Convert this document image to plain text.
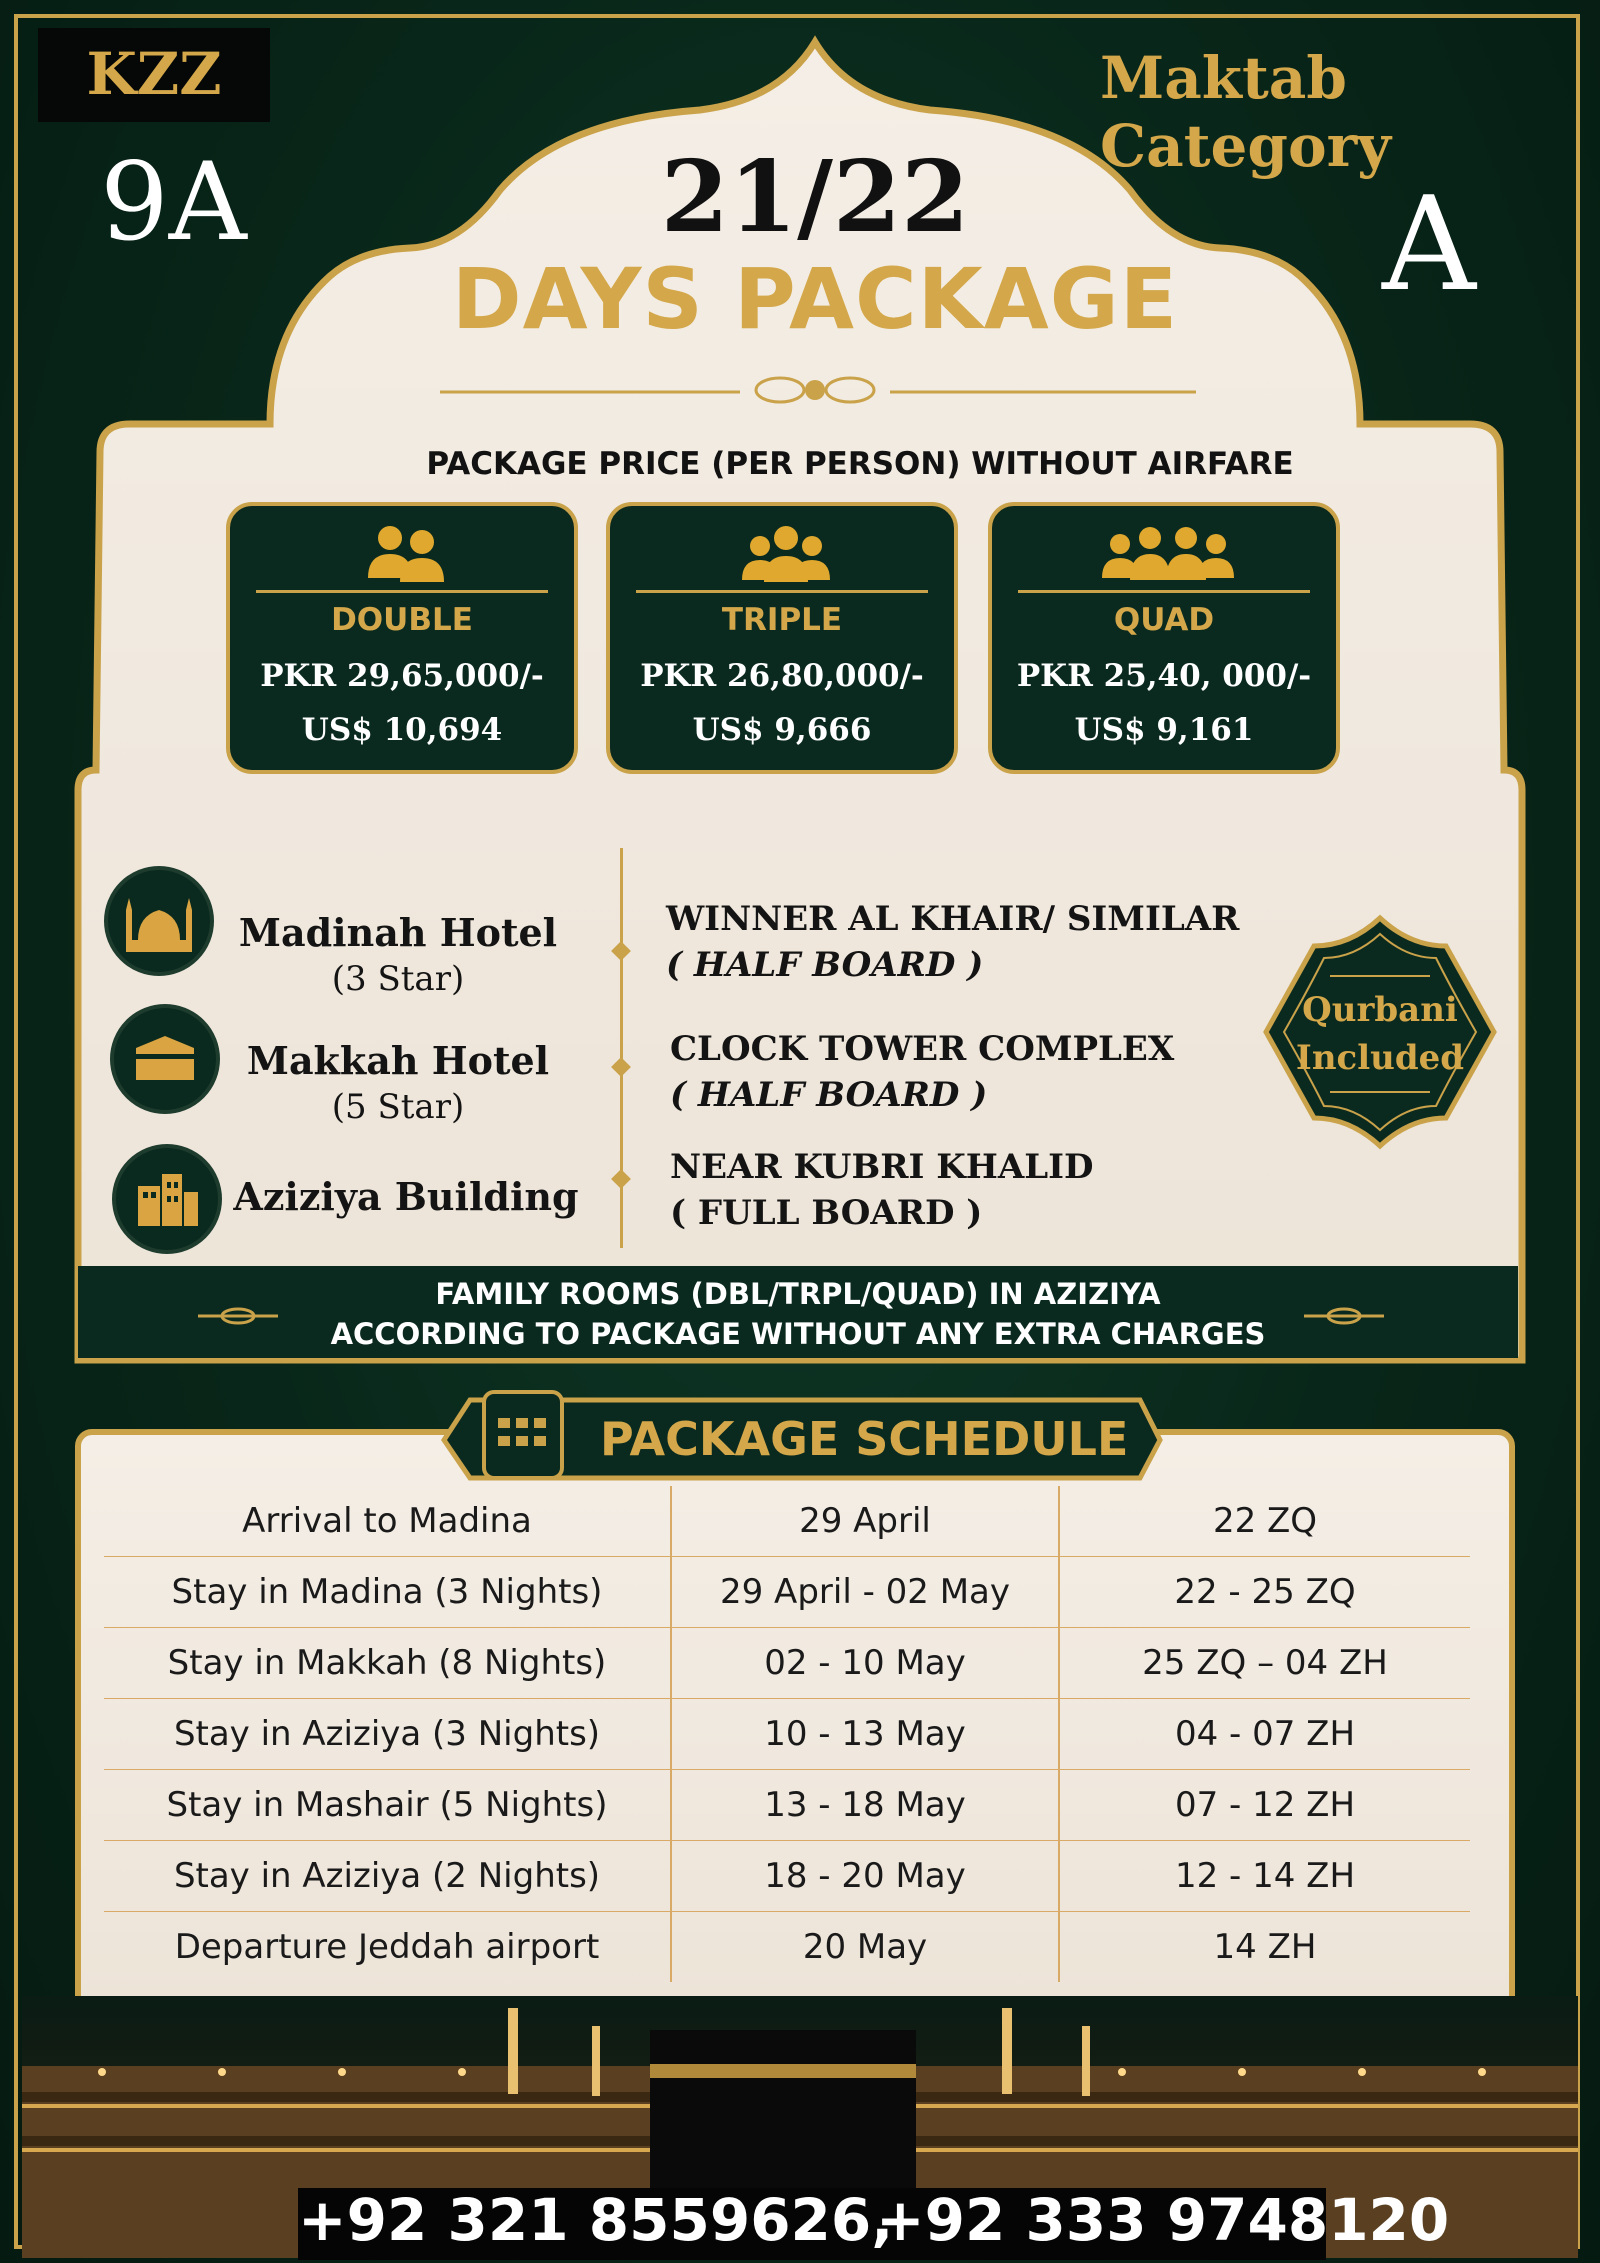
KZZ
9A
Maktab Category
A
21/22
DAYS PACKAGE
PACKAGE PRICE (PER PERSON) WITHOUT AIRFARE
DOUBLE
PKR 29,65,000/-
US$ 10,694
TRIPLE
PKR 26,80,000/-
US$ 9,666
QUAD
PKR 25,40, 000/-
US$ 9,161
Madinah Hotel
(3 Star)
Makkah Hotel
(5 Star)
Aziziya Building
WINNER AL KHAIR/ SIMILAR
( HALF BOARD )
CLOCK TOWER COMPLEX
( HALF BOARD )
NEAR KUBRI KHALID
( FULL BOARD )
Qurbani
Included
FAMILY ROOMS (DBL/TRPL/QUAD) IN AZIZIYA
ACCORDING TO PACKAGE WITHOUT ANY EXTRA CHARGES
PACKAGE SCHEDULE
Arrival to Madina	29 April	22 ZQ
Stay in Madina (3 Nights)	29 April - 02 May	22 - 25 ZQ
Stay in Makkah (8 Nights)	02 - 10 May	25 ZQ – 04 ZH
Stay in Aziziya (3 Nights)	10 - 13 May	04 - 07 ZH
Stay in Mashair (5 Nights)	13 - 18 May	07 - 12 ZH
Stay in Aziziya (2 Nights)	18 - 20 May	12 - 14 ZH
Departure Jeddah airport	20 May	14 ZH
+92 321 8559626,
+92 333 9748120
